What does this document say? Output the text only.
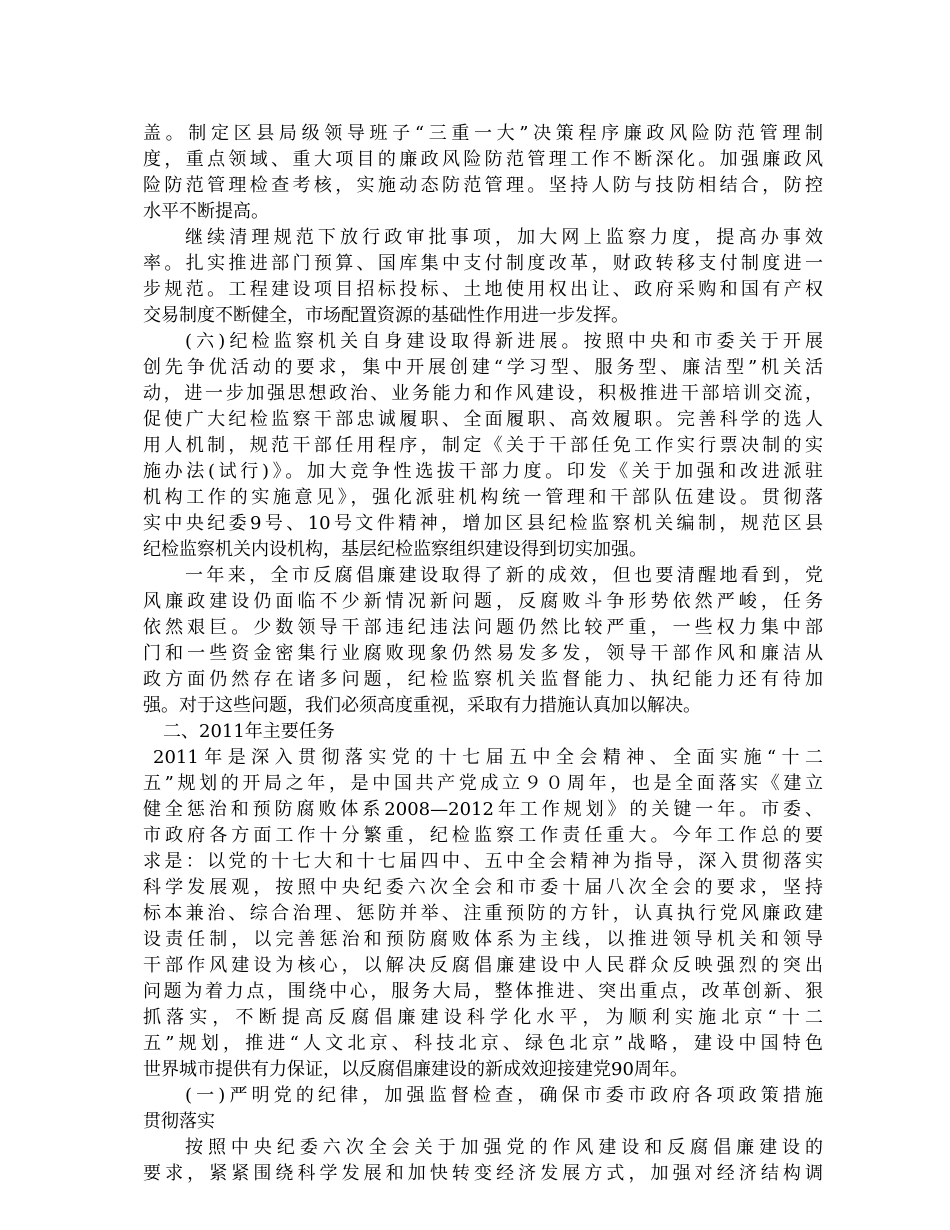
盖。制定区县局级领导班子“三重一大”决策程序廉政风险防范管理制
度，重点领域、重大项目的廉政风险防范管理工作不断深化。加强廉政风
险防范管理检查考核，实施动态防范管理。坚持人防与技防相结合，防控
水平不断提高。
继续清理规范下放行政审批事项，加大网上监察力度，提高办事效
率。扎实推进部门预算、国库集中支付制度改革，财政转移支付制度进一
步规范。工程建设项目招标投标、土地使用权出让、政府采购和国有产权
交易制度不断健全，市场配置资源的基础性作用进一步发挥。
(六)纪检监察机关自身建设取得新进展。按照中央和市委关于开展
创先争优活动的要求，集中开展创建“学习型、服务型、廉洁型”机关活
动，进一步加强思想政治、业务能力和作风建设，积极推进干部培训交流，
促使广大纪检监察干部忠诚履职、全面履职、高效履职。完善科学的选人
用人机制，规范干部任用程序，制定《关于干部任免工作实行票决制的实
施办法(试行)》。加大竞争性选拔干部力度。印发《关于加强和改进派驻
机构工作的实施意见》，强化派驻机构统一管理和干部队伍建设。贯彻落
实中央纪委9号、10号文件精神，增加区县纪检监察机关编制，规范区县
纪检监察机关内设机构，基层纪检监察组织建设得到切实加强。
一年来，全市反腐倡廉建设取得了新的成效，但也要清醒地看到，党
风廉政建设仍面临不少新情况新问题，反腐败斗争形势依然严峻，任务
依然艰巨。少数领导干部违纪违法问题仍然比较严重，一些权力集中部
门和一些资金密集行业腐败现象仍然易发多发，领导干部作风和廉洁从
政方面仍然存在诸多问题，纪检监察机关监督能力、执纪能力还有待加
强。对于这些问题，我们必须高度重视，采取有力措施认真加以解决。
二、2011年主要任务
2011年是深入贯彻落实党的十七届五中全会精神、全面实施“十二
五”规划的开局之年，是中国共产党成立９０周年，也是全面落实《建立
健全惩治和预防腐败体系2008—2012年工作规划》的关键一年。市委、
市政府各方面工作十分繁重，纪检监察工作责任重大。今年工作总的要
求是：以党的十七大和十七届四中、五中全会精神为指导，深入贯彻落实
科学发展观，按照中央纪委六次全会和市委十届八次全会的要求，坚持
标本兼治、综合治理、惩防并举、注重预防的方针，认真执行党风廉政建
设责任制，以完善惩治和预防腐败体系为主线，以推进领导机关和领导
干部作风建设为核心，以解决反腐倡廉建设中人民群众反映强烈的突出
问题为着力点，围绕中心，服务大局，整体推进、突出重点，改革创新、狠
抓落实，不断提高反腐倡廉建设科学化水平，为顺利实施北京“十二
五”规划，推进“人文北京、科技北京、绿色北京”战略，建设中国特色
世界城市提供有力保证，以反腐倡廉建设的新成效迎接建党90周年。
(一)严明党的纪律，加强监督检查，确保市委市政府各项政策措施
贯彻落实
按照中央纪委六次全会关于加强党的作风建设和反腐倡廉建设的
要求，紧紧围绕科学发展和加快转变经济发展方式，加强对经济结构调
